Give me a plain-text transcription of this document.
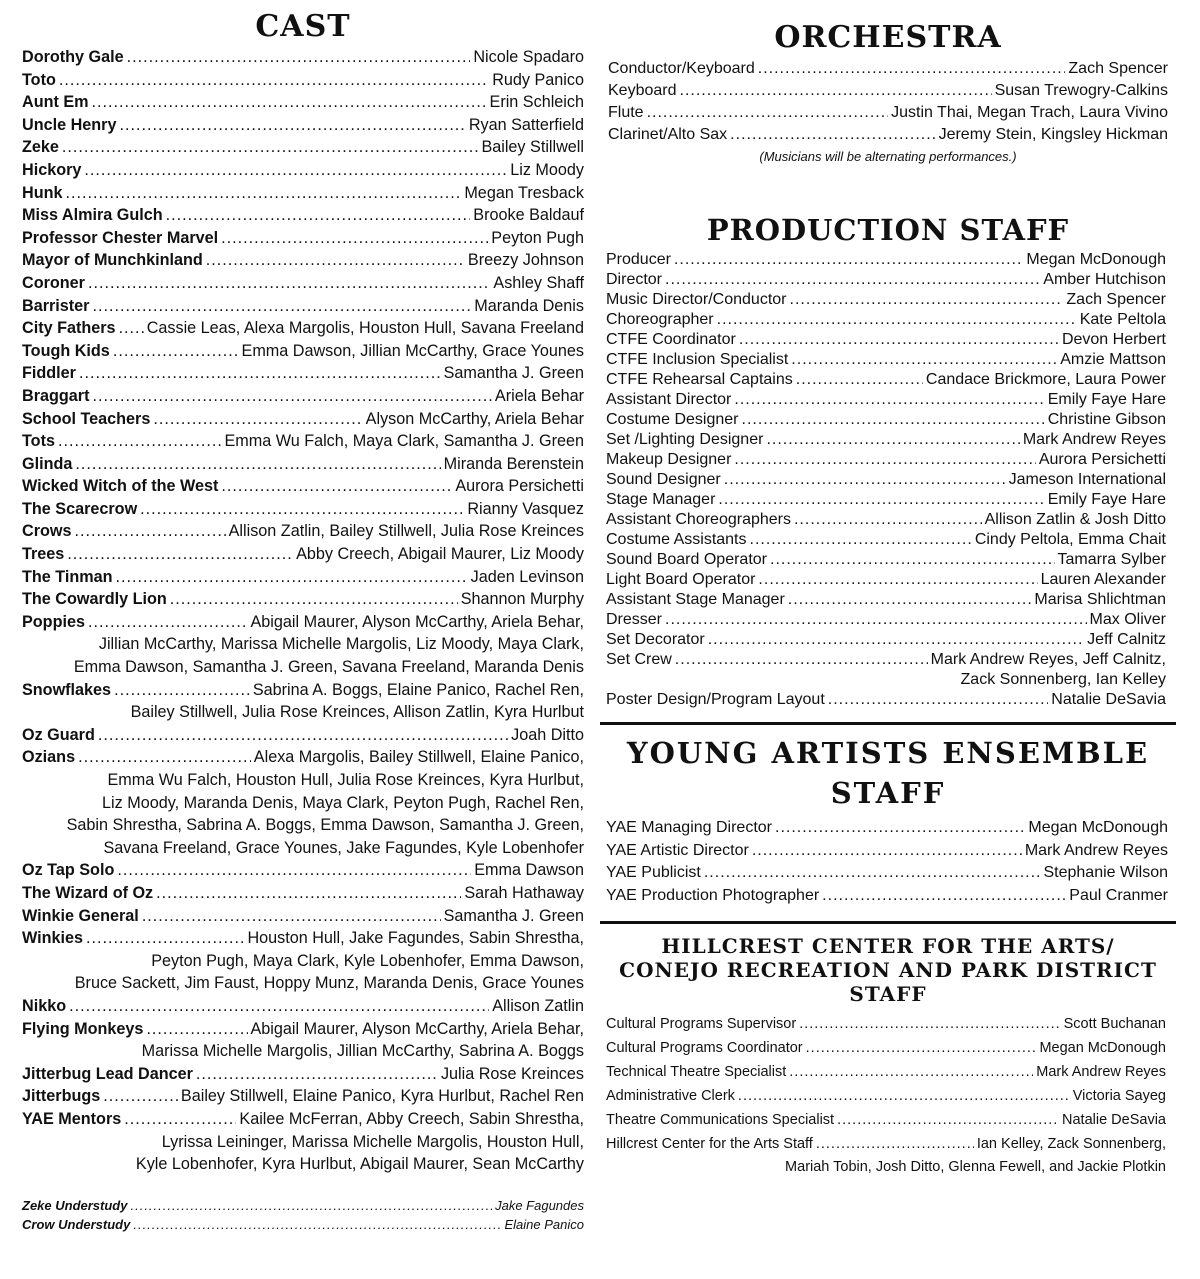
CAST
Dorothy Gale .....	Nicole Spadaro
Toto .....	Rudy Panico
Aunt Em .....	Erin Schleich
Uncle Henry .....	Ryan Satterfield
Zeke .....	Bailey Stillwell
Hickory .....	Liz Moody
Hunk .....	Megan Tresback
Miss Almira Gulch .....	Brooke Baldauf
Professor Chester Marvel .....	Peyton Pugh
Mayor of Munchkinland .....	Breezy Johnson
Coroner .....	Ashley Shaff
Barrister .....	Maranda Denis
City Fathers ..... Cassie Leas, Alexa Margolis, Houston Hull, Savana Freeland
Tough Kids .....	Emma Dawson, Jillian McCarthy, Grace Younes
Fiddler .....	Samantha J. Green
Braggart .....	Ariela Behar
School Teachers .....	Alyson McCarthy, Ariela Behar
Tots .....	Emma Wu Falch, Maya Clark, Samantha J. Green
Glinda .....	Miranda Berenstein
Wicked Witch of the West .....	Aurora Persichetti
The Scarecrow .....	Rianny Vasquez
Crows .....	Allison Zatlin, Bailey Stillwell, Julia Rose Kreinces
Trees .....	Abby Creech, Abigail Maurer, Liz Moody
The Tinman .....	Jaden Levinson
The Cowardly Lion .....	Shannon Murphy
Poppies .....	Abigail Maurer, Alyson McCarthy, Ariela Behar,
Jillian McCarthy, Marissa Michelle Margolis, Liz Moody, Maya Clark,
Emma Dawson, Samantha J. Green, Savana Freeland, Maranda Denis
Snowflakes .....	Sabrina A. Boggs, Elaine Panico, Rachel Ren,
Bailey Stillwell, Julia Rose Kreinces, Allison Zatlin, Kyra Hurlbut
Oz Guard .....	Joah Ditto
Ozians .....	Alexa Margolis, Bailey Stillwell, Elaine Panico,
Emma Wu Falch, Houston Hull, Julia Rose Kreinces, Kyra Hurlbut,
Liz Moody, Maranda Denis, Maya Clark, Peyton Pugh, Rachel Ren,
Sabin Shrestha, Sabrina A. Boggs, Emma Dawson, Samantha J. Green,
Savana Freeland, Grace Younes, Jake Fagundes, Kyle Lobenhofer
Oz Tap Solo .....	Emma Dawson
The Wizard of Oz .....	Sarah Hathaway
Winkie General .....	Samantha J. Green
Winkies .....	Houston Hull, Jake Fagundes, Sabin Shrestha,
Peyton Pugh, Maya Clark, Kyle Lobenhofer, Emma Dawson,
Bruce Sackett, Jim Faust, Hoppy Munz, Maranda Denis, Grace Younes
Nikko .....	Allison Zatlin
Flying Monkeys .....	Abigail Maurer, Alyson McCarthy, Ariela Behar,
Marissa Michelle Margolis, Jillian McCarthy, Sabrina A. Boggs
Jitterbug Lead Dancer .....	Julia Rose Kreinces
Jitterbugs .....	Bailey Stillwell, Elaine Panico, Kyra Hurlbut, Rachel Ren
YAE Mentors .....	Kailee McFerran, Abby Creech, Sabin Shrestha,
Lyrissa Leininger, Marissa Michelle Margolis, Houston Hull,
Kyle Lobenhofer, Kyra Hurlbut, Abigail Maurer, Sean McCarthy
Zeke Understudy .....	Jake Fagundes
Crow Understudy .....	Elaine Panico
ORCHESTRA
Conductor/Keyboard .....	Zach Spencer
Keyboard .....	Susan Trewogry-Calkins
Flute .....	Justin Thai, Megan Trach, Laura Vivino
Clarinet/Alto Sax .....	Jeremy Stein, Kingsley Hickman
(Musicians will be alternating performances.)
PRODUCTION STAFF
Producer .....	Megan McDonough
Director .....	Amber Hutchison
Music Director/Conductor .....	Zach Spencer
Choreographer .....	Kate Peltola
CTFE Coordinator .....	Devon Herbert
CTFE Inclusion Specialist .....	Amzie Mattson
CTFE Rehearsal Captains .....	Candace Brickmore, Laura Power
Assistant Director .....	Emily Faye Hare
Costume Designer .....	Christine Gibson
Set /Lighting Designer .....	Mark Andrew Reyes
Makeup Designer .....	Aurora Persichetti
Sound Designer .....	Jameson International
Stage Manager .....	Emily Faye Hare
Assistant Choreographers .....	Allison Zatlin & Josh Ditto
Costume Assistants .....	Cindy Peltola, Emma Chait
Sound Board Operator .....	Tamarra Sylber
Light Board Operator .....	Lauren Alexander
Assistant Stage Manager .....	Marisa Shlichtman
Dresser .....	Max Oliver
Set Decorator .....	Jeff Calnitz
Set Crew .....	Mark Andrew Reyes, Jeff Calnitz,
Zack Sonnenberg, Ian Kelley
Poster Design/Program Layout .....	Natalie DeSavia
YOUNG ARTISTS ENSEMBLE STAFF
YAE Managing Director .....	Megan McDonough
YAE Artistic Director .....	Mark Andrew Reyes
YAE Publicist .....	Stephanie Wilson
YAE Production Photographer .....	Paul Cranmer
HILLCREST CENTER FOR THE ARTS/
CONEJO RECREATION AND PARK DISTRICT STAFF
Cultural Programs Supervisor .....	Scott Buchanan
Cultural Programs Coordinator .....	Megan McDonough
Technical Theatre Specialist .....	Mark Andrew Reyes
Administrative Clerk .....	Victoria Sayeg
Theatre Communications Specialist .....	Natalie DeSavia
Hillcrest Center for the Arts Staff .....	Ian Kelley, Zack Sonnenberg,
Mariah Tobin, Josh Ditto, Glenna Fewell, and Jackie Plotkin
